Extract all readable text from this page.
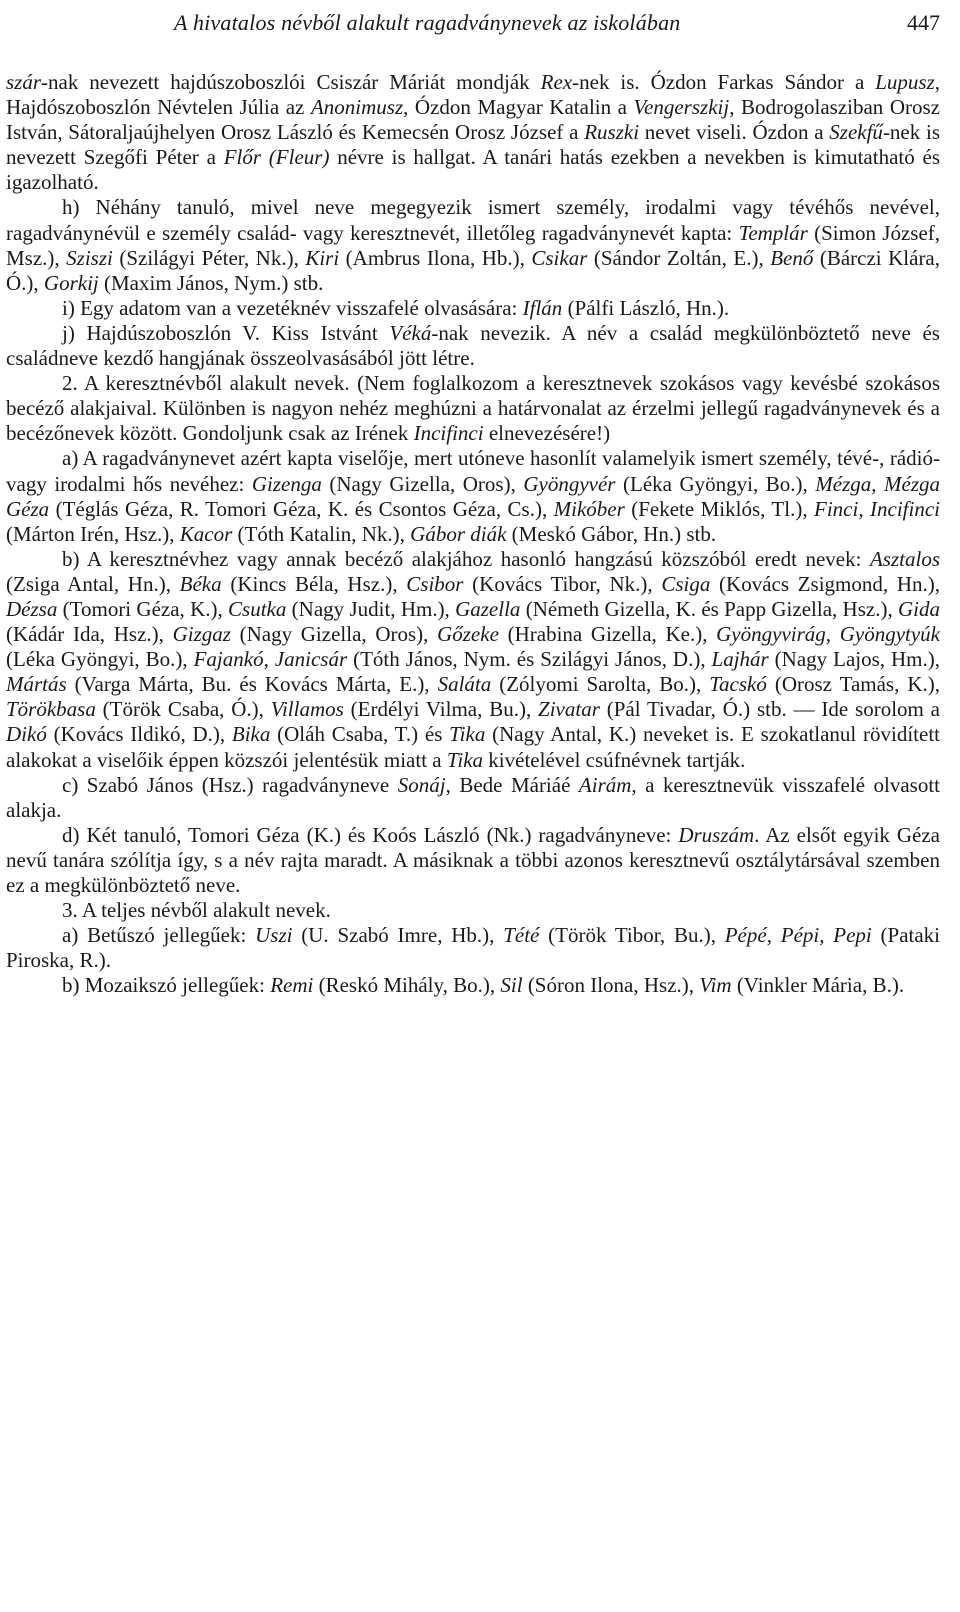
A hivatalos névből alakult ragadványnevek az iskolában	447

szár-nak nevezett hajdúszoboszlói Csiszár Máriát mondják Rex-nek is. Ózdon Farkas Sándor a Lupusz, Hajdószoboszlón Névtelen Júlia az Anonimusz, Ózdon Magyar Katalin a Vengerszkij, Bodrogolasziban Orosz István, Sátoraljaújhelyen Orosz László és Kemecsén Orosz József a Ruszki nevet viseli. Ózdon a Szekfű-nek is nevezett Szegőfi Péter a Flőr (Fleur) névre is hallgat. A tanári hatás ezekben a nevekben is kimutatható és igazolható.

h) Néhány tanuló, mivel neve megegyezik ismert személy, irodalmi vagy tévéhős nevével, ragadványnévül e személy család- vagy keresztnevét, illetőleg ragadványnevét kapta: Templár (Simon József, Msz.), Sziszi (Szilágyi Péter, Nk.), Kiri (Ambrus Ilona, Hb.), Csikar (Sándor Zoltán, E.), Benő (Bárczi Klára, Ó.), Gorkij (Maxim János, Nym.) stb.

i) Egy adatom van a vezetéknév visszafelé olvasására: Iflán (Pálfi László, Hn.).

j) Hajdúszoboszlón V. Kiss Istvánt Véká-nak nevezik. A név a család megkülönböztető neve és családneve kezdő hangjának összeolvasásából jött létre.

2. A keresztnévből alakult nevek. (Nem foglalkozom a keresztnevek szokásos vagy kevésbé szokásos becéző alakjaival. Különben is nagyon nehéz meghúzni a határvonalat az érzelmi jellegű ragadványnevek és a becézőnevek között. Gondoljunk csak az Irének Incifinci elnevezésére!)

a) A ragadványnevet azért kapta viselője, mert utóneve hasonlít valamelyik ismert személy, tévé-, rádió- vagy irodalmi hős nevéhez: Gizenga (Nagy Gizella, Oros), Gyöngyvér (Léka Gyöngyi, Bo.), Mézga, Mézga Géza (Téglás Géza, R. Tomori Géza, K. és Csontos Géza, Cs.), Mikóber (Fekete Miklós, Tl.), Finci, Incifinci (Márton Irén, Hsz.), Kacor (Tóth Katalin, Nk.), Gábor diák (Meskó Gábor, Hn.) stb.

b) A keresztnévhez vagy annak becéző alakjához hasonló hangzású közszóból eredt nevek: Asztalos (Zsiga Antal, Hn.), Béka (Kincs Béla, Hsz.), Csibor (Kovács Tibor, Nk.), Csiga (Kovács Zsigmond, Hn.), Dézsa (Tomori Géza, K.), Csutka (Nagy Judit, Hm.), Gazella (Németh Gizella, K. és Papp Gizella, Hsz.), Gida (Kádár Ida, Hsz.), Gizgaz (Nagy Gizella, Oros), Gőzeke (Hrabina Gizella, Ke.), Gyöngyvirág, Gyöngytyúk (Léka Gyöngyi, Bo.), Fajankó, Janicsár (Tóth János, Nym. és Szilágyi János, D.), Lajhár (Nagy Lajos, Hm.), Mártás (Varga Márta, Bu. és Kovács Márta, E.), Saláta (Zólyomi Sarolta, Bo.), Tacskó (Orosz Tamás, K.), Törökbasa (Török Csaba, Ó.), Villamos (Erdélyi Vilma, Bu.), Zivatar (Pál Tivadar, Ó.) stb. — Ide sorolom a Dikó (Kovács Ildikó, D.), Bika (Oláh Csaba, T.) és Tika (Nagy Antal, K.) neveket is. E szokatlanul rövidített alakokat a viselőik éppen közszói jelentésük miatt a Tika kivételével csúfnévnek tartják.

c) Szabó János (Hsz.) ragadványneve Sonáj, Bede Máriáé Airám, a keresztnevük visszafelé olvasott alakja.

d) Két tanuló, Tomori Géza (K.) és Koós László (Nk.) ragadványneve: Druszám. Az elsőt egyik Géza nevű tanára szólítja így, s a név rajta maradt. A másiknak a többi azonos keresztnevű osztálytársával szemben ez a megkülönböztető neve.

3. A teljes névből alakult nevek.

a) Betűszó jellegűek: Uszi (U. Szabó Imre, Hb.), Tété (Török Tibor, Bu.), Pépé, Pépi, Pepi (Pataki Piroska, R.).

b) Mozaikszó jellegűek: Remi (Reskó Mihály, Bo.), Sil (Sóron Ilona, Hsz.), Vim (Vinkler Mária, B.).
